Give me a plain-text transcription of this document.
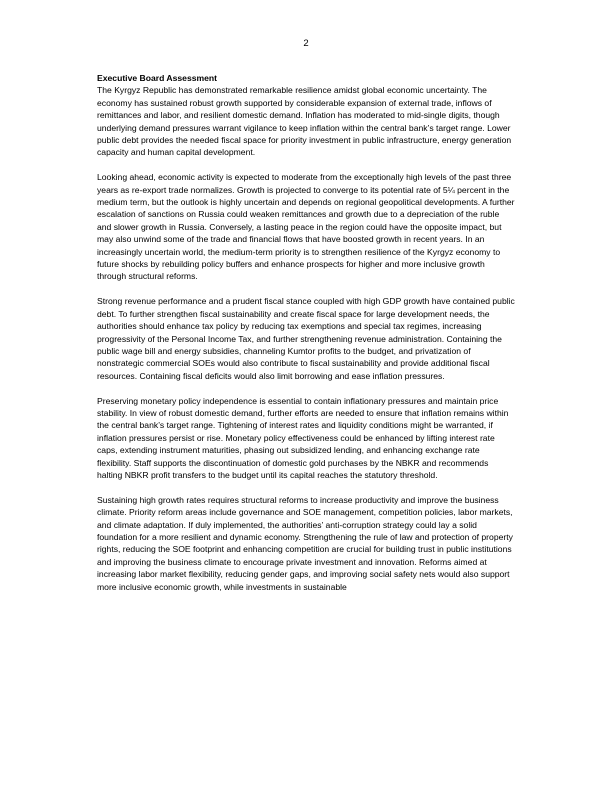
2

Executive Board Assessment

The Kyrgyz Republic has demonstrated remarkable resilience amidst global economic uncertainty. The economy has sustained robust growth supported by considerable expansion of external trade, inflows of remittances and labor, and resilient domestic demand. Inflation has moderated to mid-single digits, though underlying demand pressures warrant vigilance to keep inflation within the central bank’s target range. Lower public debt provides the needed fiscal space for priority investment in public infrastructure, energy generation capacity and human capital development.

Looking ahead, economic activity is expected to moderate from the exceptionally high levels of the past three years as re-export trade normalizes. Growth is projected to converge to its potential rate of 5¼ percent in the medium term, but the outlook is highly uncertain and depends on regional geopolitical developments. A further escalation of sanctions on Russia could weaken remittances and growth due to a depreciation of the ruble and slower growth in Russia. Conversely, a lasting peace in the region could have the opposite impact, but may also unwind some of the trade and financial flows that have boosted growth in recent years. In an increasingly uncertain world, the medium-term priority is to strengthen resilience of the Kyrgyz economy to future shocks by rebuilding policy buffers and enhance prospects for higher and more inclusive growth through structural reforms.

Strong revenue performance and a prudent fiscal stance coupled with high GDP growth have contained public debt. To further strengthen fiscal sustainability and create fiscal space for large development needs, the authorities should enhance tax policy by reducing tax exemptions and special tax regimes, increasing progressivity of the Personal Income Tax, and further strengthening revenue administration. Containing the public wage bill and energy subsidies, channeling Kumtor profits to the budget, and privatization of nonstrategic commercial SOEs would also contribute to fiscal sustainability and provide additional fiscal resources. Containing fiscal deficits would also limit borrowing and ease inflation pressures.

Preserving monetary policy independence is essential to contain inflationary pressures and maintain price stability. In view of robust domestic demand, further efforts are needed to ensure that inflation remains within the central bank’s target range. Tightening of interest rates and liquidity conditions might be warranted, if inflation pressures persist or rise. Monetary policy effectiveness could be enhanced by lifting interest rate caps, extending instrument maturities, phasing out subsidized lending, and enhancing exchange rate flexibility. Staff supports the discontinuation of domestic gold purchases by the NBKR and recommends halting NBKR profit transfers to the budget until its capital reaches the statutory threshold.

Sustaining high growth rates requires structural reforms to increase productivity and improve the business climate. Priority reform areas include governance and SOE management, competition policies, labor markets, and climate adaptation. If duly implemented, the authorities’ anti-corruption strategy could lay a solid foundation for a more resilient and dynamic economy. Strengthening the rule of law and protection of property rights, reducing the SOE footprint and enhancing competition are crucial for building trust in public institutions and improving the business climate to encourage private investment and innovation. Reforms aimed at increasing labor market flexibility, reducing gender gaps, and improving social safety nets would also support more inclusive economic growth, while investments in sustainable
